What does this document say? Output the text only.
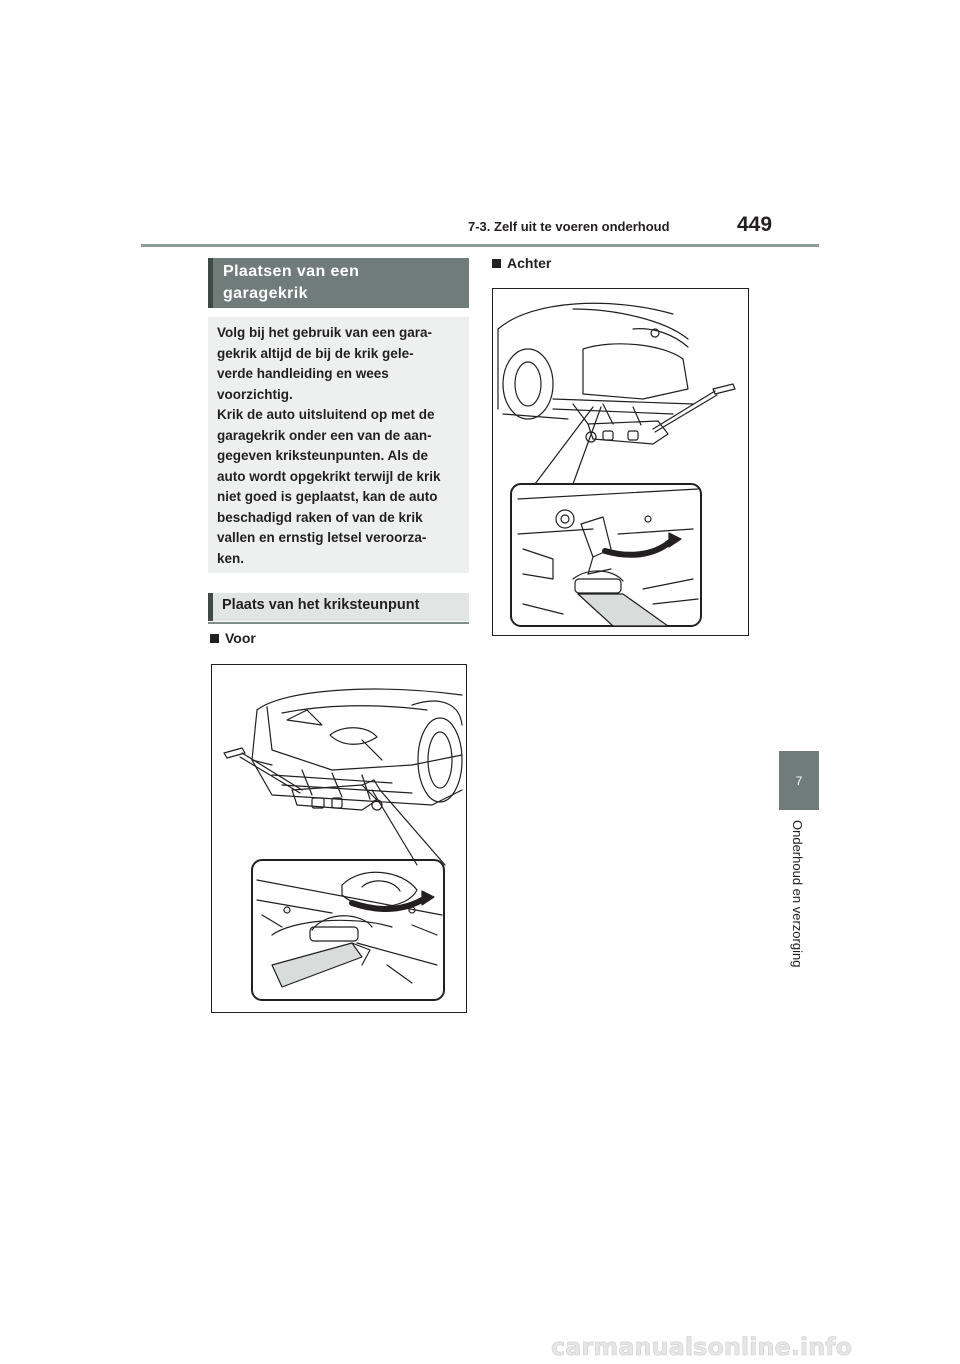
7-3. Zelf uit te voeren onderhoud	449
7
Onderhoud en verzorging
Plaatsen van een
garagekrik
Volg bij het gebruik van een gara-
gekrik altijd de bij de krik gele-
verde handleiding en wees
voorzichtig.
Krik de auto uitsluitend op met de
garagekrik onder een van de aan-
gegeven kriksteunpunten. Als de
auto wordt opgekrikt terwijl de krik
niet goed is geplaatst, kan de auto
beschadigd raken of van de krik
vallen en ernstig letsel veroorza-
ken.
Plaats van het kriksteunpunt
Voor
Achter
carmanualsonline.info
